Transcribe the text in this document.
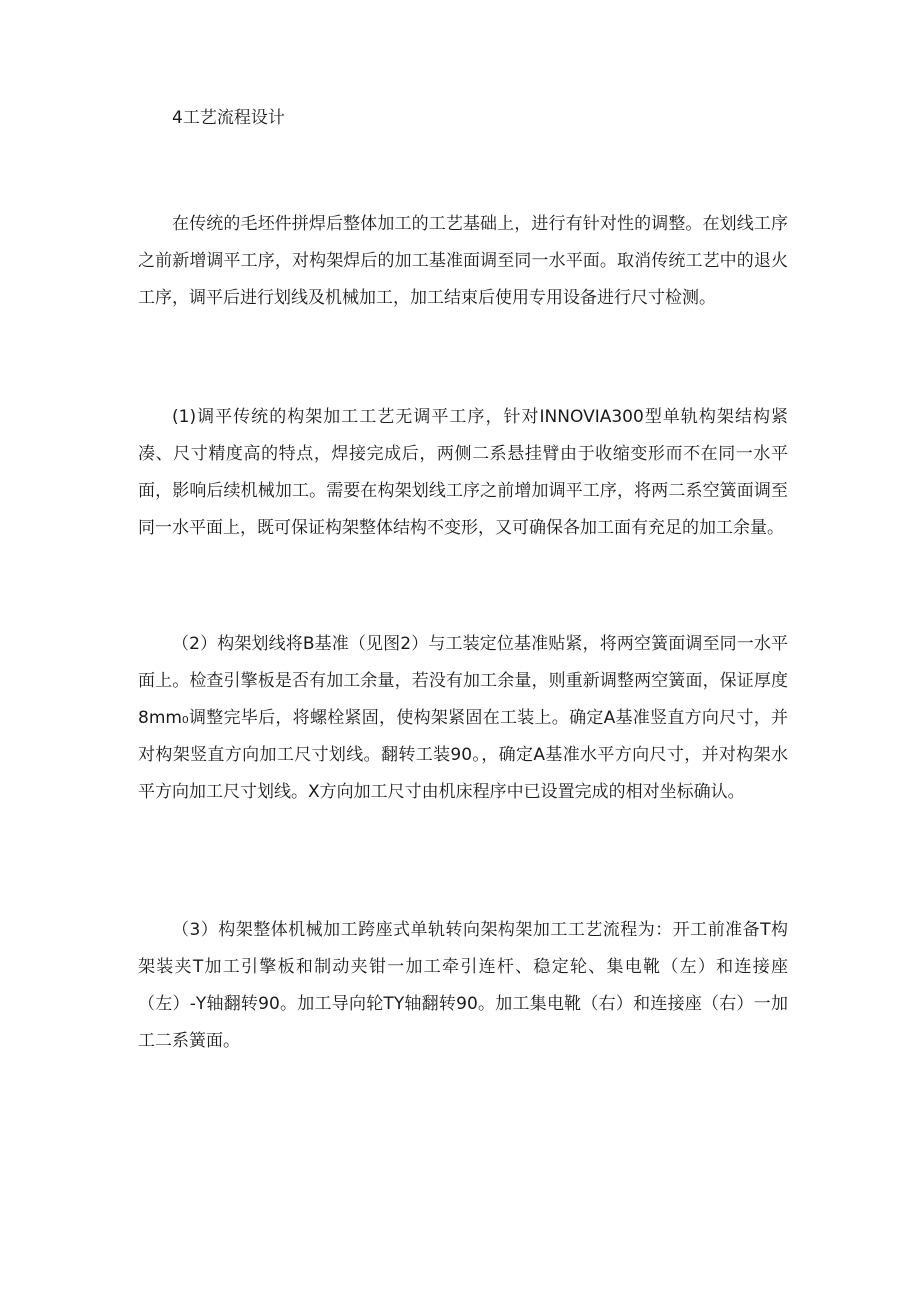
4工艺流程设计

在传统的毛坯件拼焊后整体加工的工艺基础上，进行有针对性的调整。在划线工序之前新增调平工序，对构架焊后的加工基准面调至同一水平面。取消传统工艺中的退火工序，调平后进行划线及机械加工，加工结束后使用专用设备进行尺寸检测。

(1)调平传统的构架加工工艺无调平工序，针对INNOVIA300型单轨构架结构紧凑、尺寸精度高的特点，焊接完成后，两侧二系悬挂臂由于收缩变形而不在同一水平面，影响后续机械加工。需要在构架划线工序之前增加调平工序，将两二系空簧面调至同一水平面上，既可保证构架整体结构不变形，又可确保各加工面有充足的加工余量。

（2）构架划线将B基准（见图2）与工装定位基准贴紧，将两空簧面调至同一水平面上。检查引擎板是否有加工余量，若没有加工余量，则重新调整两空簧面，保证厚度8mm₀调整完毕后，将螺栓紧固，使构架紧固在工装上。确定A基准竖直方向尺寸，并对构架竖直方向加工尺寸划线。翻转工装90。，确定A基准水平方向尺寸，并对构架水平方向加工尺寸划线。X方向加工尺寸由机床程序中已设置完成的相对坐标确认。

（3）构架整体机械加工跨座式单轨转向架构架加工工艺流程为：开工前准备T构架装夹T加工引擎板和制动夹钳一加工牵引连杆、稳定轮、集电靴（左）和连接座（左）-Y轴翻转90。加工导向轮TY轴翻转90。加工集电靴（右）和连接座（右）一加工二系簧面。
